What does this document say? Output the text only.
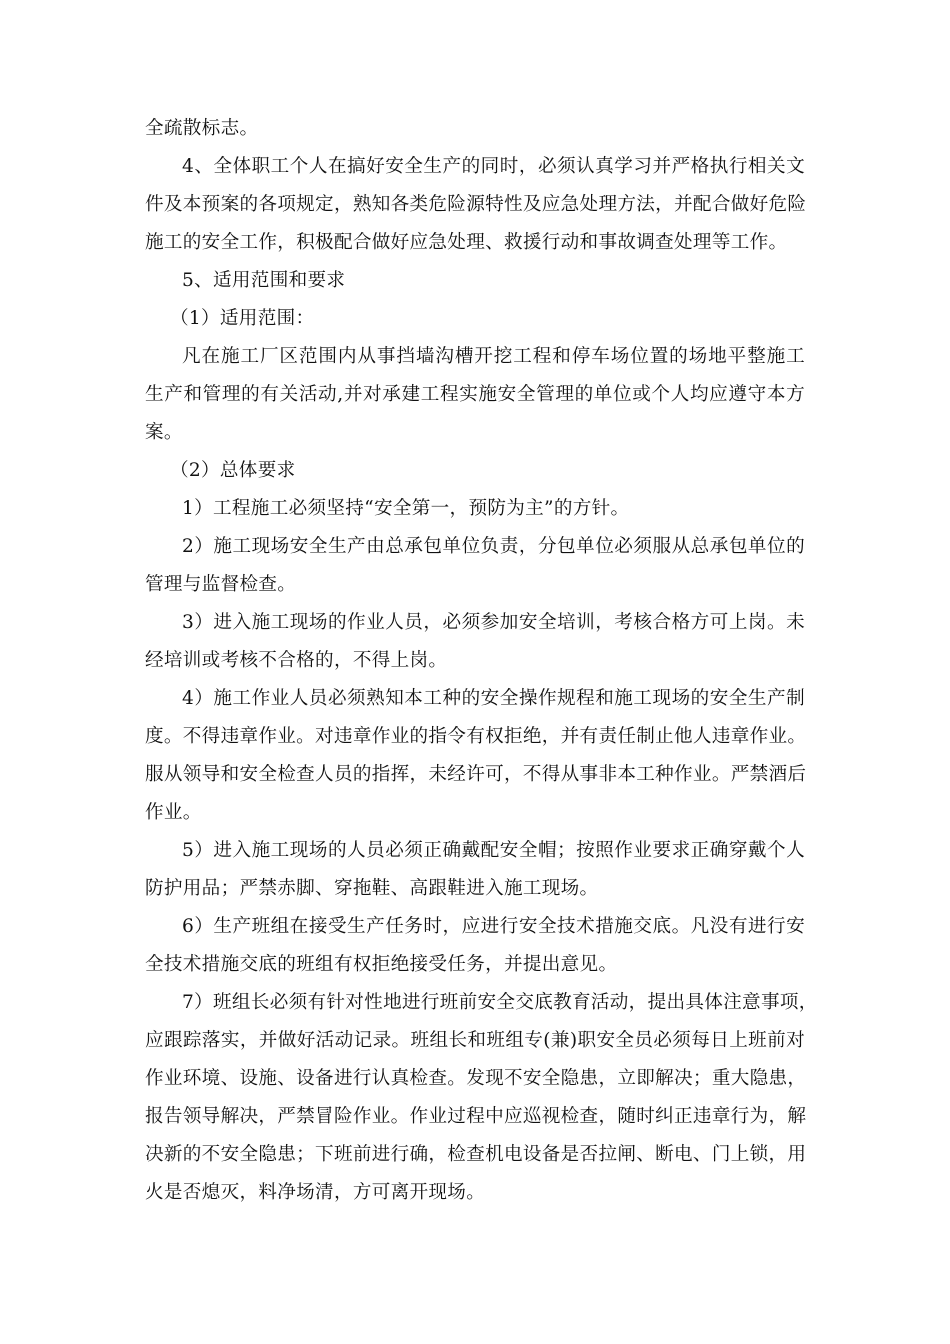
全疏散标志。
4、全体职工个人在搞好安全生产的同时，必须认真学习并严格执行相关文
件及本预案的各项规定，熟知各类危险源特性及应急处理方法，并配合做好危险
施工的安全工作，积极配合做好应急处理、救援行动和事故调查处理等工作。
5、适用范围和要求
（1）适用范围：
凡在施工厂区范围内从事挡墙沟槽开挖工程和停车场位置的场地平整施工
生产和管理的有关活动,并对承建工程实施安全管理的单位或个人均应遵守本方
案。
（2）总体要求
1）工程施工必须坚持“安全第一，预防为主”的方针。
2）施工现场安全生产由总承包单位负责，分包单位必须服从总承包单位的
管理与监督检查。
3）进入施工现场的作业人员，必须参加安全培训，考核合格方可上岗。未
经培训或考核不合格的，不得上岗。
4）施工作业人员必须熟知本工种的安全操作规程和施工现场的安全生产制
度。不得违章作业。对违章作业的指令有权拒绝，并有责任制止他人违章作业。
服从领导和安全检查人员的指挥，未经许可，不得从事非本工种作业。严禁酒后
作业。
5）进入施工现场的人员必须正确戴配安全帽；按照作业要求正确穿戴个人
防护用品；严禁赤脚、穿拖鞋、高跟鞋进入施工现场。
6）生产班组在接受生产任务时，应进行安全技术措施交底。凡没有进行安
全技术措施交底的班组有权拒绝接受任务，并提出意见。
7）班组长必须有针对性地进行班前安全交底教育活动，提出具体注意事项，
应跟踪落实，并做好活动记录。班组长和班组专(兼)职安全员必须每日上班前对
作业环境、设施、设备进行认真检查。发现不安全隐患，立即解决；重大隐患，
报告领导解决，严禁冒险作业。作业过程中应巡视检查，随时纠正违章行为，解
决新的不安全隐患；下班前进行确，检查机电设备是否拉闸、断电、门上锁，用
火是否熄灭，料净场清，方可离开现场。
